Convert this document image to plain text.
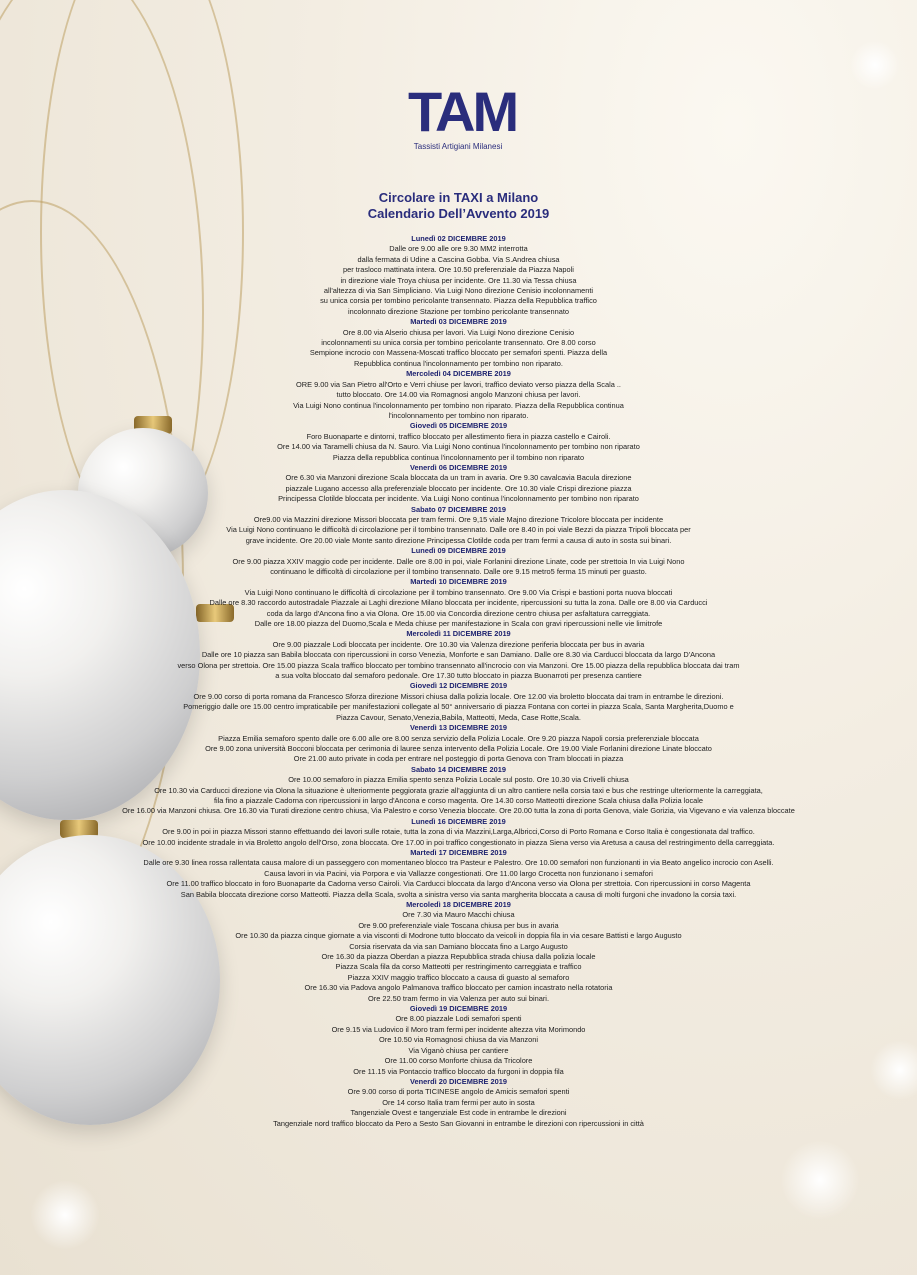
TAM
Tassisti Artigiani Milanesi
Circolare in TAXI a Milano
Calendario Dell’Avvento 2019
Lunedì 02 DICEMBRE 2019
Dalle ore 9.00 alle ore 9.30 MM2 interrotta
dalla fermata di Udine a Cascina Gobba. Via S.Andrea chiusa
per trasloco mattinata intera. Ore 10.50 preferenziale da Piazza Napoli
in direzione viale Troya chiusa per incidente. Ore 11.30 via Tessa chiusa
all'altezza di via San Simpliciano. Via Luigi Nono direzione Cenisio incolonnamenti
su unica corsia per tombino pericolante transennato. Piazza della Repubblica traffico
incolonnato direzione Stazione per tombino pericolante transennato
Martedì 03 DICEMBRE 2019
Ore 8.00 via Alserio chiusa per lavori. Via Luigi Nono direzione Cenisio
incolonnamenti su unica corsia per tombino pericolante transennato. Ore 8.00 corso
Sempione incrocio con Massena-Moscati traffico bloccato per semafori spenti. Piazza della
Repubblica continua l'incolonnamento per tombino non riparato.
Mercoledì 04 DICEMBRE 2019
ORE 9.00 via San Pietro all'Orto e Verri chiuse per lavori, traffico deviato verso piazza della Scala ..
tutto bloccato. Ore 14.00 via Romagnosi angolo Manzoni chiusa per lavori.
Via Luigi Nono continua l'incolonnamento per tombino non riparato. Piazza della Repubblica continua
l'incolonnamento per tombino non riparato.
Giovedì 05 DICEMBRE 2019
Foro Buonaparte e dintorni, traffico bloccato per allestimento fiera in piazza castello e Cairoli.
Ore 14.00 via Taramelli chiusa da N. Sauro. Via Luigi Nono continua l'incolonnamento per tombino non riparato
Piazza della repubblica continua l'incolonnamento per il tombino non riparato
Venerdì 06 DICEMBRE 2019
Ore 6.30 via Manzoni direzione Scala bloccata da un tram in avaria. Ore 9.30 cavalcavia Bacula direzione
piazzale Lugano accesso alla preferenziale bloccato per incidente. Ore 10.30 viale Crispi direzione piazza
Principessa Clotilde bloccata per incidente. Via Luigi Nono continua l'incolonnamento per tombino non riparato
Sabato 07 DICEMBRE 2019
Ore9.00 via Mazzini direzione Missori bloccata per tram fermi. Ore 9,15 viale Majno direzione Tricolore bloccata per incidente
Via Luigi Nono continuano le difficoltà di circolazione per il tombino transennato. Dalle ore 8.40 in poi viale Bezzi da piazza Tripoli bloccata per
grave incidente. Ore 20.00 viale Monte santo direzione Principessa Clotilde coda per tram fermi a causa di auto in sosta sui binari.
Lunedì 09 DICEMBRE 2019
Ore 9.00 piazza XXIV maggio code per incidente. Dalle ore 8.00 in poi, viale Forlanini direzione Linate, code per strettoia In via Luigi Nono
continuano le difficoltà di circolazione per il tombino transennato. Dalle ore 9.15 metro5 ferma 15 minuti per guasto.
Martedì 10 DICEMBRE 2019
Via Luigi Nono continuano le difficoltà di circolazione per il tombino transennato. Ore 9.00 Via Crispi e bastioni porta nuova bloccati
Dalle ore 8.30 raccordo autostradale Piazzale ai Laghi direzione Milano bloccata per incidente, ripercussioni su tutta la zona. Dalle ore 8.00 via Carducci
coda da largo d'Ancona fino a via Olona. Ore 15.00 via Concordia direzione centro chiusa per asfaltatura carreggiata.
Dalle ore 18.00 piazza del Duomo,Scala e Meda chiuse per manifestazione in Scala con gravi ripercussioni nelle vie limitrofe
Mercoledì 11 DICEMBRE 2019
Ore 9.00 piazzale Lodi bloccata per incidente. Ore 10.30 via Valenza direzione periferia bloccata per bus in avaria
Dalle ore 10 piazza san Babila bloccata con ripercussioni in corso Venezia, Monforte e san Damiano. Dalle ore 8.30 via Carducci bloccata da largo D'Ancona
verso Olona per strettoia. Ore 15.00 piazza Scala traffico bloccato per tombino transennato all'incrocio con via Manzoni. Ore 15.00 piazza della repubblica bloccata dai tram
a sua volta bloccato dal semaforo pedonale. Ore 17.30 tutto bloccato in piazza Buonarroti per presenza cantiere
Giovedì 12 DICEMBRE 2019
Ore 9.00 corso di porta romana da Francesco Sforza direzione Missori chiusa dalla polizia locale. Ore 12.00 via broletto bloccata dai tram in entrambe le direzioni.
Pomeriggio dalle ore 15.00 centro impraticabile per manifestazioni collegate al 50° anniversario di piazza Fontana con cortei in piazza Scala, Santa Margherita,Duomo e
Piazza Cavour, Senato,Venezia,Babila, Matteotti, Meda, Case Rotte,Scala.
Venerdì 13 DICEMBRE 2019
Piazza Emilia semaforo spento dalle ore 6.00 alle ore 8.00 senza servizio della Polizia Locale. Ore 9.20 piazza Napoli corsia preferenziale bloccata
Ore 9.00 zona università Bocconi bloccata per cerimonia di lauree senza intervento della Polizia Locale. Ore 19.00 Viale Forlanini direzione Linate bloccato
Ore 21.00 auto private in coda per entrare nel posteggio di porta Genova con Tram bloccati in piazza
Sabato 14 DICEMBRE 2019
Ore 10.00 semaforo in piazza Emilia spento senza Polizia Locale sul posto. Ore 10.30 via Crivelli chiusa
Ore 10.30 via Carducci direzione via Olona la situazione è ulteriormente peggiorata grazie all'aggiunta di un altro cantiere nella corsia taxi e bus che restringe ulteriormente la carreggiata,
fila fino a piazzale Cadorna con ripercussioni in largo d'Ancona e corso magenta. Ore 14.30 corso Matteotti direzione Scala chiusa dalla Polizia locale
Ore 16.00 via Manzoni chiusa. Ore 16.30 via Turati direzione centro chiusa, Via Palestro e corso Venezia bloccate. Ore 20.00 tutta la zona di porta Genova, viale Gorizia, via Vigevano e via valenza bloccate
Lunedì 16 DICEMBRE 2019
Ore 9.00 in poi in piazza Missori stanno effettuando dei lavori sulle rotaie, tutta la zona di via Mazzini,Larga,Albricci,Corso di Porto Romana e Corso Italia è congestionata dal traffico.
Ore 10.00 incidente stradale in via Broletto angolo dell'Orso, zona bloccata. Ore 17.00 in poi traffico congestionato in piazza Siena verso via Aretusa a causa del restringimento della carreggiata.
Martedì 17 DICEMBRE 2019
Dalle ore 9.30 linea rossa rallentata causa malore di un passeggero con momentaneo blocco tra Pasteur e Palestro. Ore 10.00 semafori non funzionanti in via Beato angelico incrocio con Aselli.
Causa lavori in via Pacini, via Porpora e via Vallazze congestionati. Ore 11.00 largo Crocetta non funzionano i semafori
Ore 11.00 traffico bloccato in foro Buonaparte da Cadorna verso Cairoli. Via Carducci bloccata da largo d'Ancona verso via Olona per strettoia. Con ripercussioni in corso Magenta
San Babila bloccata direzione corso Matteotti. Piazza della Scala, svolta a sinistra verso via santa margherita bloccata a causa di molti furgoni che invadono la corsia taxi.
Mercoledì 18 DICEMBRE 2019
Ore 7.30 via Mauro Macchi chiusa
Ore 9.00 preferenziale viale Toscana chiusa per bus in avaria
Ore 10.30 da piazza cinque giornate a via visconti di Modrone tutto bloccato da veicoli in doppia fila in via cesare Battisti e largo Augusto
Corsia riservata da via san Damiano bloccata fino a Largo Augusto
Ore 16.30 da piazza Oberdan a piazza Repubblica strada chiusa dalla polizia locale
Piazza Scala fila da corso Matteotti per restringimento carreggiata e traffico
Piazza XXIV maggio traffico bloccato a causa di guasto al semaforo
Ore 16.30 via Padova angolo Palmanova traffico bloccato per camion incastrato nella rotatoria
Ore 22.50 tram fermo in via Valenza per auto sui binari.
Giovedì 19 DICEMBRE 2019
Ore 8.00 piazzale Lodi semafori spenti
Ore 9.15 via Ludovico il Moro tram fermi per incidente altezza vita Morimondo
Ore 10.50 via Romagnosi chiusa da via Manzoni
Via Viganò chiusa per cantiere
Ore 11.00 corso Monforte chiusa da Tricolore
Ore 11.15 via Pontaccio traffico bloccato da furgoni in doppia fila
Venerdì 20 DICEMBRE 2019
Ore 9.00 corso di porta TICINESE angolo de Amicis semafori spenti
Ore 14 corso Italia tram fermi per auto in sosta
Tangenziale Ovest e tangenziale Est code in entrambe le direzioni
Tangenziale nord traffico bloccato da Pero a Sesto San Giovanni in entrambe le direzioni con ripercussioni in città
